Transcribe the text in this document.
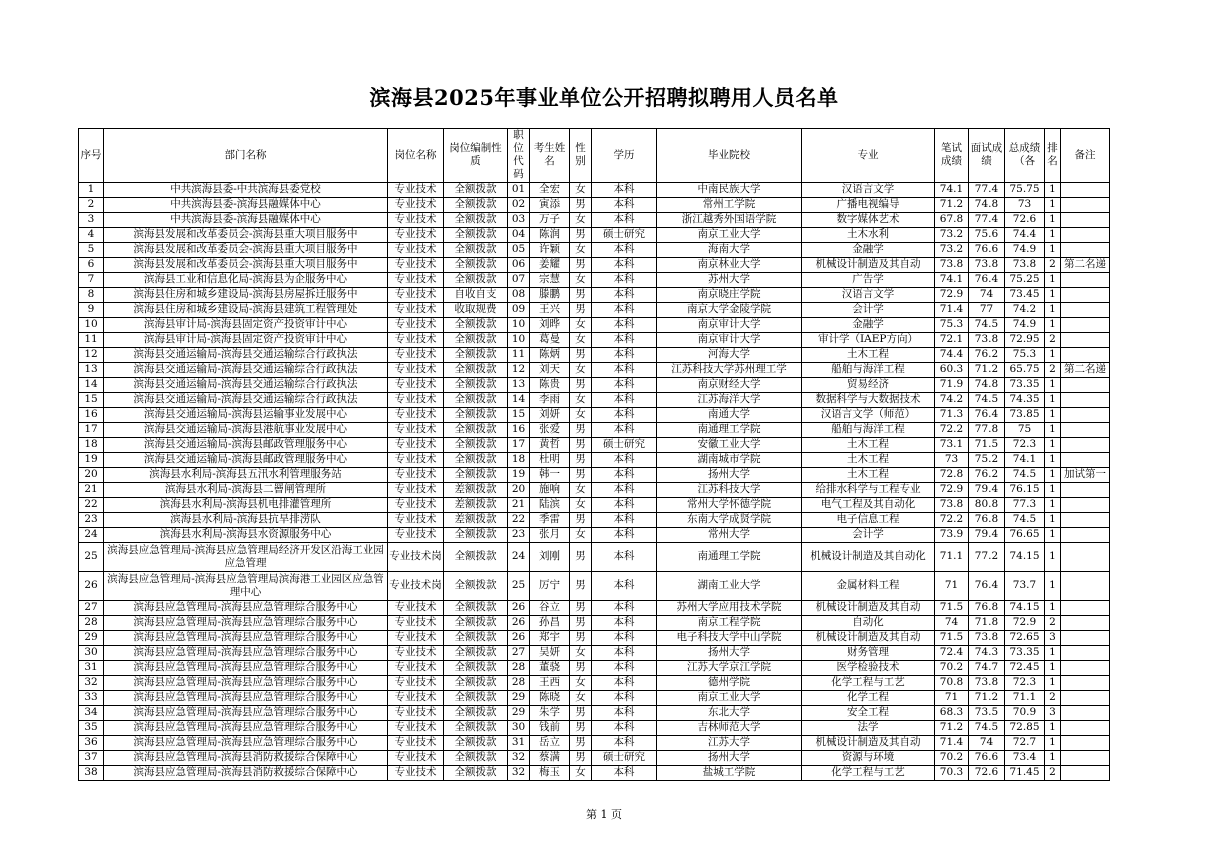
滨海县2025年事业单位公开招聘拟聘用人员名单
序号	部门名称	岗位名称	岗位编制性质	职位代码	考生姓名	性别	学历	毕业院校	专业	笔试成绩	面试成绩	总成绩（各	排名	备注
1	中共滨海县委-中共滨海县委党校	专业技术	全额拨款	01	全宏	女	本科	中南民族大学	汉语言文学	74.1	77.4	75.75	1	
2	中共滨海县委-滨海县融媒体中心	专业技术	全额拨款	02	寅添	男	本科	常州工学院	广播电视编导	71.2	74.8	73	1	
3	中共滨海县委-滨海县融媒体中心	专业技术	全额拨款	03	万子	女	本科	浙江越秀外国语学院	数字媒体艺术	67.8	77.4	72.6	1	
4	滨海县发展和改革委员会-滨海县重大项目服务中	专业技术	全额拨款	04	陈润	男	硕士研究	南京工业大学	土木水利	73.2	75.6	74.4	1	
5	滨海县发展和改革委员会-滨海县重大项目服务中	专业技术	全额拨款	05	许颖	女	本科	海南大学	金融学	73.2	76.6	74.9	1	
6	滨海县发展和改革委员会-滨海县重大项目服务中	专业技术	全额拨款	06	姜耀	男	本科	南京林业大学	机械设计制造及其自动	73.8	73.8	73.8	2	第二名递
7	滨海县工业和信息化局-滨海县为企服务中心	专业技术	全额拨款	07	宗慧	女	本科	苏州大学	广告学	74.1	76.4	75.25	1	
8	滨海县住房和城乡建设局-滨海县房屋拆迁服务中	专业技术	自收自支	08	滕鹏	男	本科	南京晓庄学院	汉语言文学	72.9	74	73.45	1	
9	滨海县住房和城乡建设局-滨海县建筑工程管理处	专业技术	收取规费	09	王兴	男	本科	南京大学金陵学院	会计学	71.4	77	74.2	1	
10	滨海县审计局-滨海县固定资产投资审计中心	专业技术	全额拨款	10	刘晔	女	本科	南京审计大学	金融学	75.3	74.5	74.9	1	
11	滨海县审计局-滨海县固定资产投资审计中心	专业技术	全额拨款	10	葛曼	女	本科	南京审计大学	审计学（IAEP方向）	72.1	73.8	72.95	2	
12	滨海县交通运输局-滨海县交通运输综合行政执法	专业技术	全额拨款	11	陈炳	男	本科	河海大学	土木工程	74.4	76.2	75.3	1	
13	滨海县交通运输局-滨海县交通运输综合行政执法	专业技术	全额拨款	12	刘天	女	本科	江苏科技大学苏州理工学	船舶与海洋工程	60.3	71.2	65.75	2	第二名递
14	滨海县交通运输局-滨海县交通运输综合行政执法	专业技术	全额拨款	13	陈贵	男	本科	南京财经大学	贸易经济	71.9	74.8	73.35	1	
15	滨海县交通运输局-滨海县交通运输综合行政执法	专业技术	全额拨款	14	李雨	女	本科	江苏海洋大学	数据科学与大数据技术	74.2	74.5	74.35	1	
16	滨海县交通运输局-滨海县运输事业发展中心	专业技术	全额拨款	15	刘妍	女	本科	南通大学	汉语言文学（师范）	71.3	76.4	73.85	1	
17	滨海县交通运输局-滨海县港航事业发展中心	专业技术	全额拨款	16	张爱	男	本科	南通理工学院	船舶与海洋工程	72.2	77.8	75	1	
18	滨海县交通运输局-滨海县邮政管理服务中心	专业技术	全额拨款	17	黄哲	男	硕士研究	安徽工业大学	土木工程	73.1	71.5	72.3	1	
19	滨海县交通运输局-滨海县邮政管理服务中心	专业技术	全额拨款	18	杜明	男	本科	湖南城市学院	土木工程	73	75.2	74.1	1	
20	滨海县水利局-滨海县五汛水利管理服务站	专业技术	全额拨款	19	韩一	男	本科	扬州大学	土木工程	72.8	76.2	74.5	1	加试第一
21	滨海县水利局-滨海县二罾闸管理所	专业技术	差额拨款	20	施响	女	本科	江苏科技大学	给排水科学与工程专业	72.9	79.4	76.15	1	
22	滨海县水利局-滨海县机电排灌管理所	专业技术	差额拨款	21	陆滨	女	本科	常州大学怀德学院	电气工程及其自动化	73.8	80.8	77.3	1	
23	滨海县水利局-滨海县抗旱排涝队	专业技术	差额拨款	22	季雷	男	本科	东南大学成贤学院	电子信息工程	72.2	76.8	74.5	1	
24	滨海县水利局-滨海县水资源服务中心	专业技术	全额拨款	23	张月	女	本科	常州大学	会计学	73.9	79.4	76.65	1	
25	滨海县应急管理局-滨海县应急管理局经济开发区沿海工业园应急管理	专业技术岗	全额拨款	24	刘刚	男	本科	南通理工学院	机械设计制造及其自动化	71.1	77.2	74.15	1	
26	滨海县应急管理局-滨海县应急管理局滨海港工业园区应急管理中心	专业技术岗	全额拨款	25	厉宁	男	本科	湖南工业大学	金属材料工程	71	76.4	73.7	1	
27	滨海县应急管理局-滨海县应急管理综合服务中心	专业技术	全额拨款	26	谷立	男	本科	苏州大学应用技术学院	机械设计制造及其自动	71.5	76.8	74.15	1	
28	滨海县应急管理局-滨海县应急管理综合服务中心	专业技术	全额拨款	26	孙昌	男	本科	南京工程学院	自动化	74	71.8	72.9	2	
29	滨海县应急管理局-滨海县应急管理综合服务中心	专业技术	全额拨款	26	郑宇	男	本科	电子科技大学中山学院	机械设计制造及其自动	71.5	73.8	72.65	3	
30	滨海县应急管理局-滨海县应急管理综合服务中心	专业技术	全额拨款	27	吴妍	女	本科	扬州大学	财务管理	72.4	74.3	73.35	1	
31	滨海县应急管理局-滨海县应急管理综合服务中心	专业技术	全额拨款	28	董骁	男	本科	江苏大学京江学院	医学检验技术	70.2	74.7	72.45	1	
32	滨海县应急管理局-滨海县应急管理综合服务中心	专业技术	全额拨款	28	王西	女	本科	德州学院	化学工程与工艺	70.8	73.8	72.3	1	
33	滨海县应急管理局-滨海县应急管理综合服务中心	专业技术	全额拨款	29	陈晓	女	本科	南京工业大学	化学工程	71	71.2	71.1	2	
34	滨海县应急管理局-滨海县应急管理综合服务中心	专业技术	全额拨款	29	朱学	男	本科	东北大学	安全工程	68.3	73.5	70.9	3	
35	滨海县应急管理局-滨海县应急管理综合服务中心	专业技术	全额拨款	30	钱前	男	本科	吉林师范大学	法学	71.2	74.5	72.85	1	
36	滨海县应急管理局-滨海县应急管理综合服务中心	专业技术	全额拨款	31	岳立	男	本科	江苏大学	机械设计制造及其自动	71.4	74	72.7	1	
37	滨海县应急管理局-滨海县消防救援综合保障中心	专业技术	全额拨款	32	蔡满	男	硕士研究	扬州大学	资源与环境	70.2	76.6	73.4	1	
38	滨海县应急管理局-滨海县消防救援综合保障中心	专业技术	全额拨款	32	梅玉	女	本科	盐城工学院	化学工程与工艺	70.3	72.6	71.45	2	
第 1 页
